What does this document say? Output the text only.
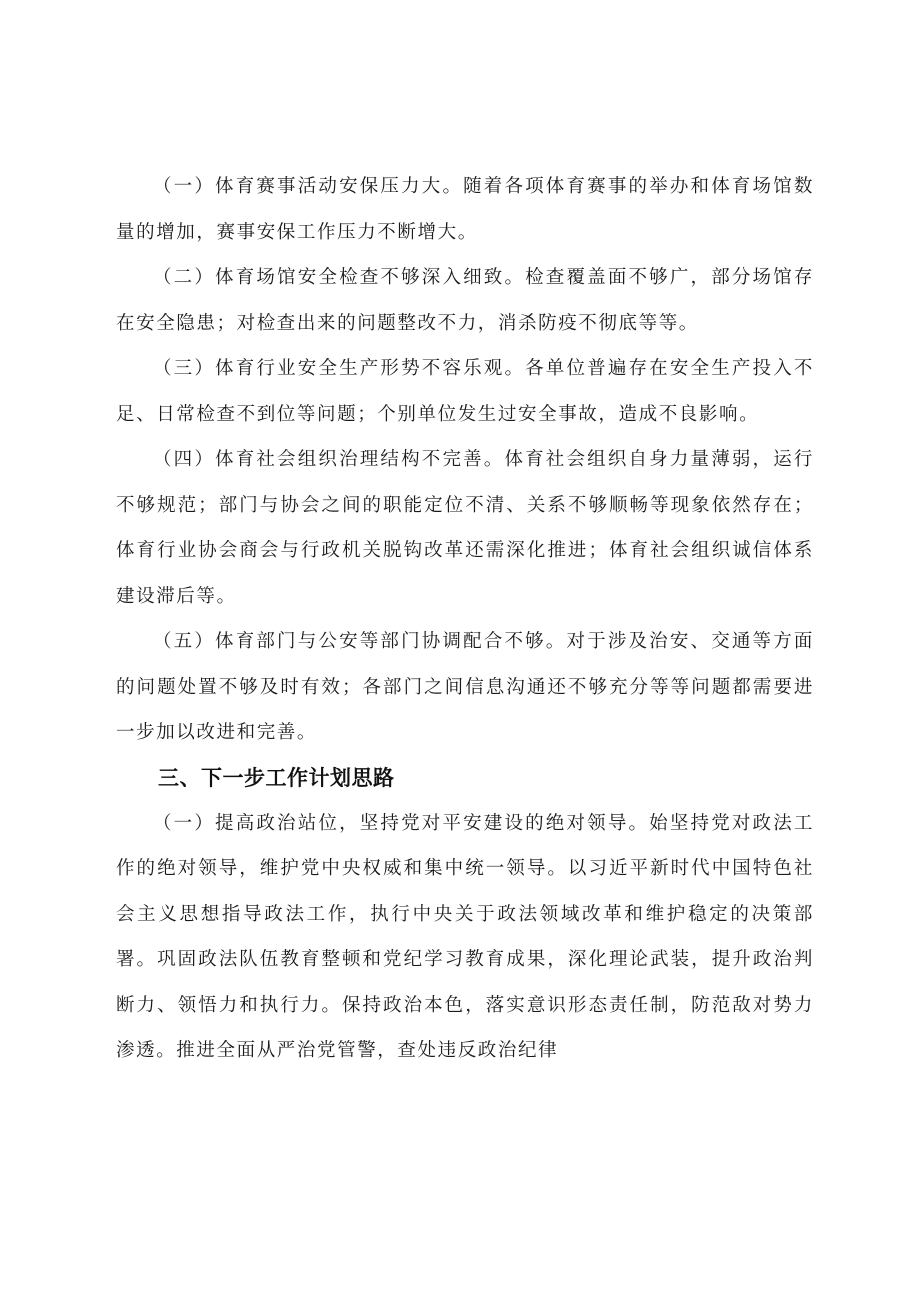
（一）体育赛事活动安保压力大。随着各项体育赛事的举办和体育场馆数量的增加，赛事安保工作压力不断增大。

（二）体育场馆安全检查不够深入细致。检查覆盖面不够广，部分场馆存在安全隐患；对检查出来的问题整改不力，消杀防疫不彻底等等。

（三）体育行业安全生产形势不容乐观。各单位普遍存在安全生产投入不足、日常检查不到位等问题；个别单位发生过安全事故，造成不良影响。

（四）体育社会组织治理结构不完善。体育社会组织自身力量薄弱，运行不够规范；部门与协会之间的职能定位不清、关系不够顺畅等现象依然存在；体育行业协会商会与行政机关脱钩改革还需深化推进；体育社会组织诚信体系建设滞后等。

（五）体育部门与公安等部门协调配合不够。对于涉及治安、交通等方面的问题处置不够及时有效；各部门之间信息沟通还不够充分等等问题都需要进一步加以改进和完善。

三、下一步工作计划思路

（一）提高政治站位，坚持党对平安建设的绝对领导。始坚持党对政法工作的绝对领导，维护党中央权威和集中统一领导。以习近平新时代中国特色社会主义思想指导政法工作，执行中央关于政法领域改革和维护稳定的决策部署。巩固政法队伍教育整顿和党纪学习教育成果，深化理论武装，提升政治判断力、领悟力和执行力。保持政治本色，落实意识形态责任制，防范敌对势力渗透。推进全面从严治党管警，查处违反政治纪律
